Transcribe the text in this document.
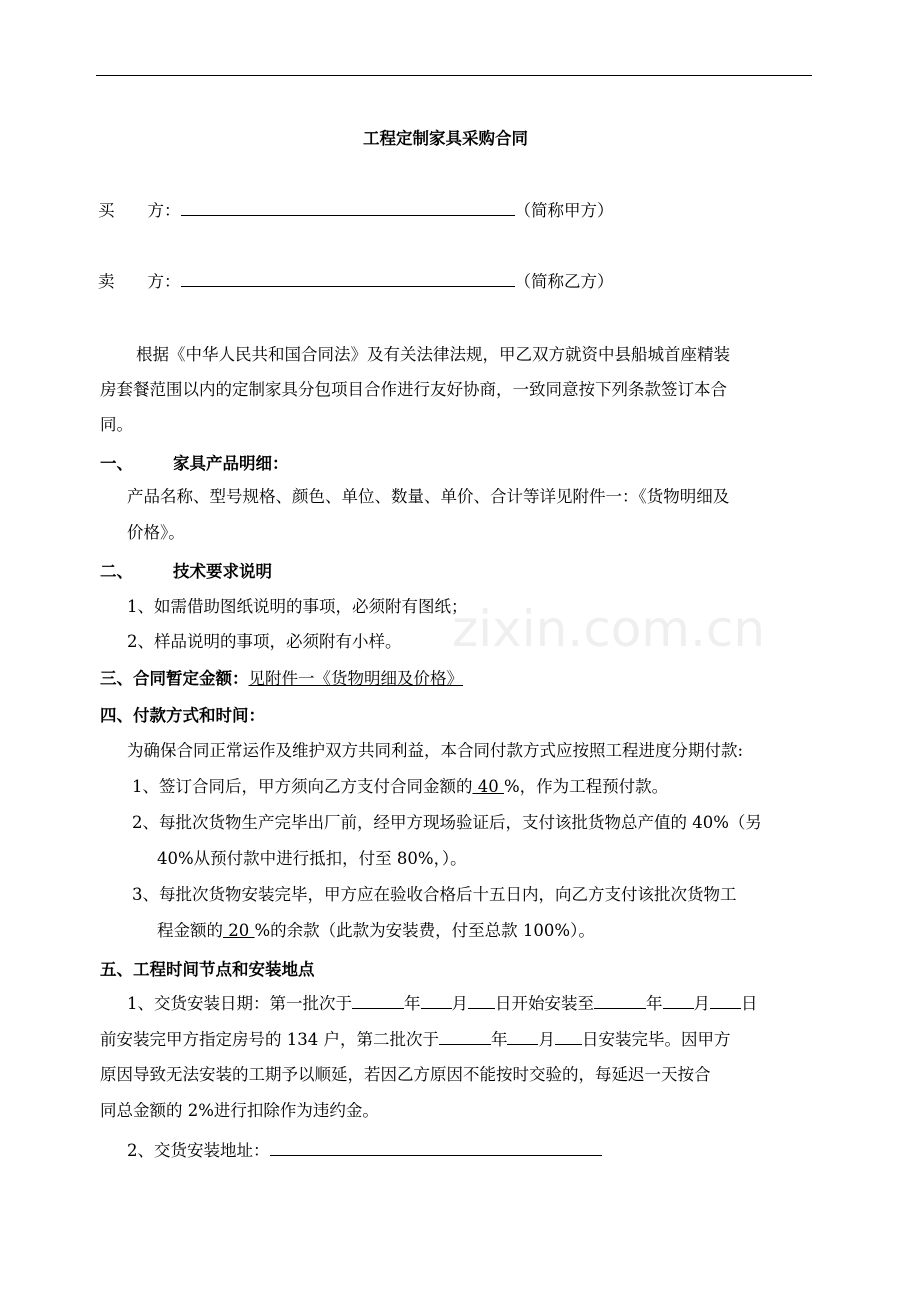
工程定制家具采购合同
买　　方：	（简称甲方）
卖　　方：	（简称乙方）
根据《中华人民共和国合同法》及有关法律法规，甲乙双方就资中县船城首座精装
房套餐范围以内的定制家具分包项目合作进行友好协商，一致同意按下列条款签订本合
同。
一、 家具产品明细：
产品名称、型号规格、颜色、单位、数量、单价、合计等详见附件一：《货物明细及
价格》。
二、 技术要求说明
1、如需借助图纸说明的事项，必须附有图纸；
2、样品说明的事项，必须附有小样。
三、合同暂定金额：见附件一《货物明细及价格》
四、付款方式和时间：
为确保合同正常运作及维护双方共同利益，本合同付款方式应按照工程进度分期付款:
1、签订合同后，甲方须向乙方支付合同金额的 40 %，作为工程预付款。
2、每批次货物生产完毕出厂前，经甲方现场验证后，支付该批货物总产值的 40%（另
40%从预付款中进行抵扣，付至 80%，）。
3、每批次货物安装完毕，甲方应在验收合格后十五日内，向乙方支付该批次货物工
程金额的 20 %的余款（此款为安装费，付至总款 100%）。
五、工程时间节点和安装地点
1、交货安装日期：第一批次于	年 月 日开始安装至	年 月 日
前安装完甲方指定房号的 134 户，第二批次于	年 月 日安装完毕。因甲方
原因导致无法安装的工期予以顺延，若因乙方原因不能按时交验的，每延迟一天按合
同总金额的 2%进行扣除作为违约金。
2、交货安装地址：
zixin.com.cn
